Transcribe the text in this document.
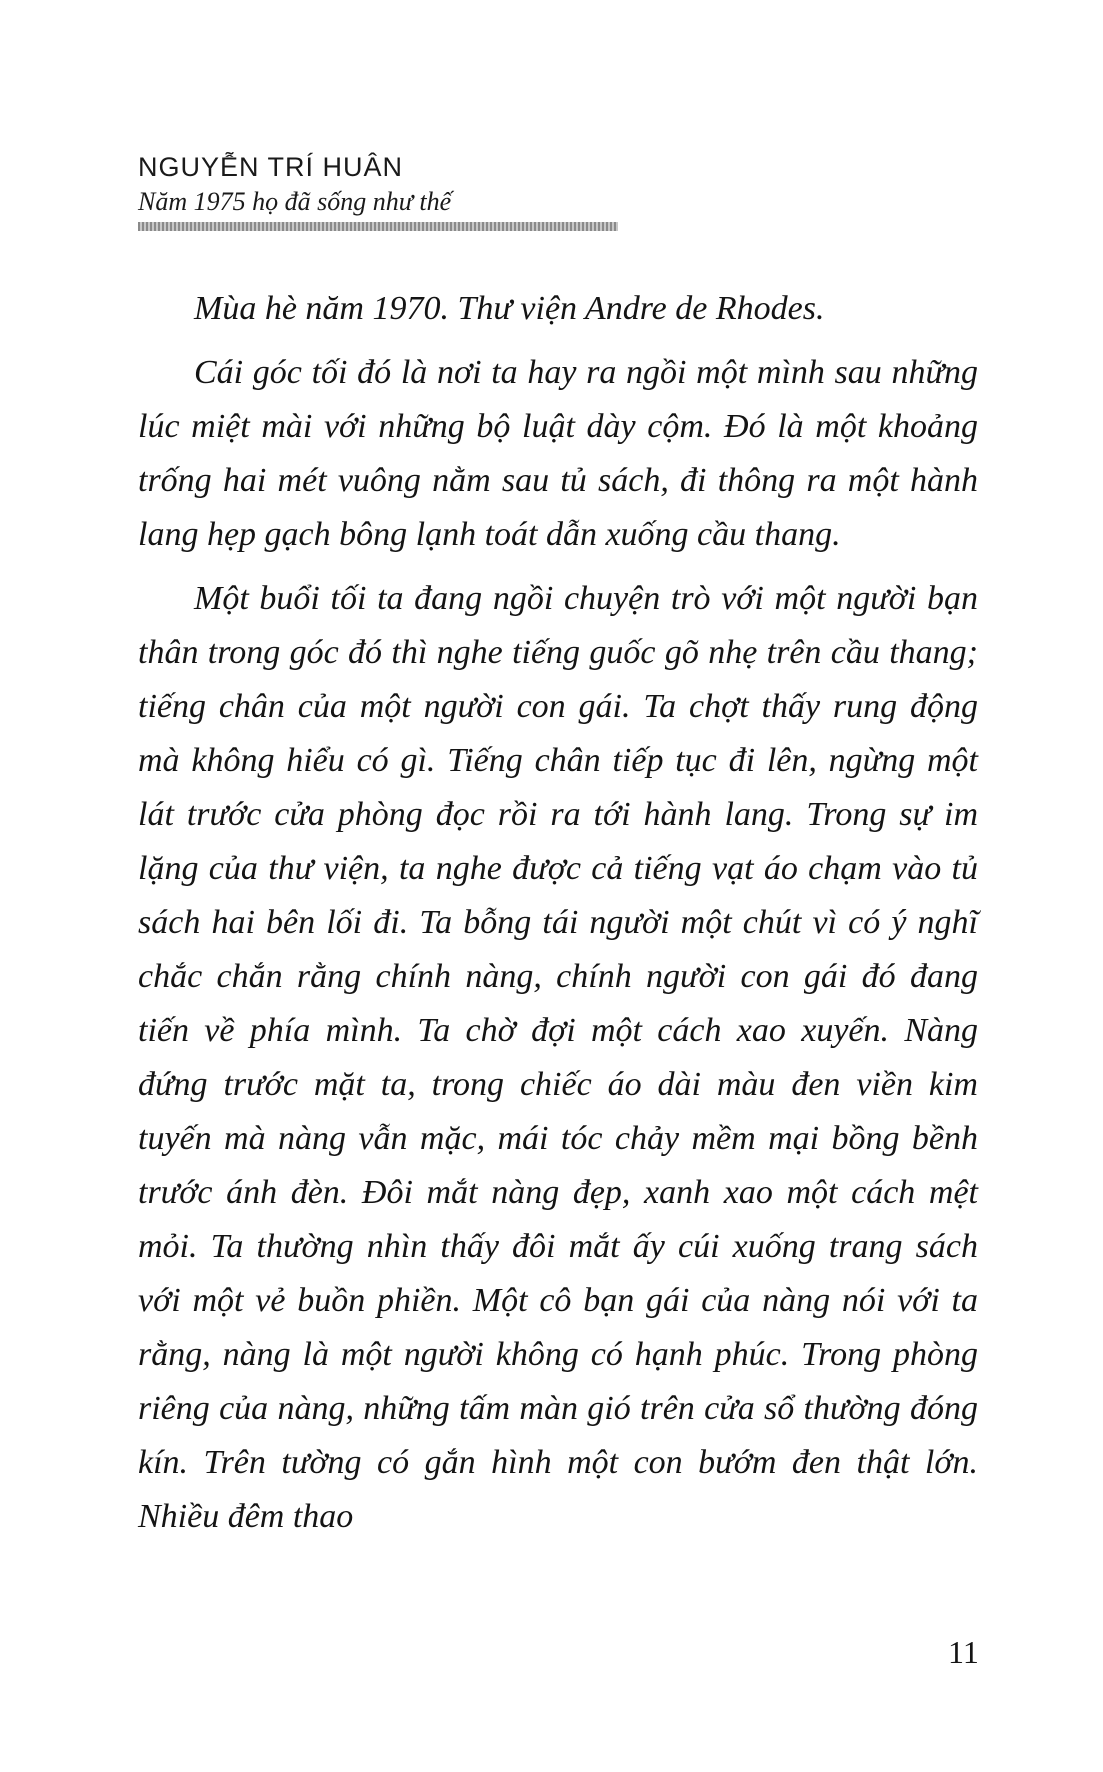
NGUYỄN TRÍ HUÂN
Năm 1975 họ đã sống như thế

Mùa hè năm 1970. Thư viện Andre de Rhodes.

Cái góc tối đó là nơi ta hay ra ngồi một mình sau những lúc miệt mài với những bộ luật dày cộm. Đó là một khoảng trống hai mét vuông nằm sau tủ sách, đi thông ra một hành lang hẹp gạch bông lạnh toát dẫn xuống cầu thang.

Một buổi tối ta đang ngồi chuyện trò với một người bạn thân trong góc đó thì nghe tiếng guốc gõ nhẹ trên cầu thang; tiếng chân của một người con gái. Ta chợt thấy rung động mà không hiểu có gì. Tiếng chân tiếp tục đi lên, ngừng một lát trước cửa phòng đọc rồi ra tới hành lang. Trong sự im lặng của thư viện, ta nghe được cả tiếng vạt áo chạm vào tủ sách hai bên lối đi. Ta bỗng tái người một chút vì có ý nghĩ chắc chắn rằng chính nàng, chính người con gái đó đang tiến về phía mình. Ta chờ đợi một cách xao xuyến. Nàng đứng trước mặt ta, trong chiếc áo dài màu đen viền kim tuyến mà nàng vẫn mặc, mái tóc chảy mềm mại bồng bềnh trước ánh đèn. Đôi mắt nàng đẹp, xanh xao một cách mệt mỏi. Ta thường nhìn thấy đôi mắt ấy cúi xuống trang sách với một vẻ buồn phiền. Một cô bạn gái của nàng nói với ta rằng, nàng là một người không có hạnh phúc. Trong phòng riêng của nàng, những tấm màn gió trên cửa sổ thường đóng kín. Trên tường có gắn hình một con bướm đen thật lớn. Nhiều đêm thao

11
